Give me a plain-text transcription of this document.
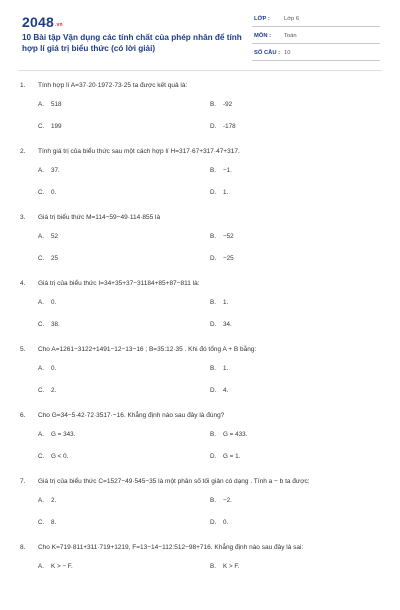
2048.vn
10 Bài tập Vận dụng các tính chất của phép nhân để tính hợp lí giá trị biểu thức (có lời giải)
LỚP : Lớp 6
MÔN : Toán
SỐ CÂU : 10
1. Tính hợp lí A=37·20·1972·73·25 ta được kết quả là:
A. 518	B. -92
C. 199	D. -178
2. Tính giá trị của biểu thức sau một cách hợp lí H=317·67+317·47+317.
A. 37.	B. −1.
C. 0.	D. 1.
3. Giá trị biểu thức M=114−59−49·114·855 là
A. 52	B. −52
C. 25	D. −25
4. Giá trị của biểu thức I=34+35+37−31184+85+87−811 là:
A. 0.	B. 1.
C. 38.	D. 34.
5. Cho A=1261−3122+1491−12−13−16 ; B=35:12·35 . Khi đó tổng A + B bằng:
A. 0.	B. 1.
C. 2.	D. 4.
6. Cho G=34−5·42·72·3517·−16. Khẳng định nào sau đây là đúng?
A. G = 343.	B. G = 433.
C. G < 0.	D. G = 1.
7. Giá trị của biểu thức C=1527−49·545−35 là một phân số tối giản có dạng . Tính a − b ta được:
A. 2.	B. −2.
C. 8.	D. 0.
8. Cho K=719·811+311·719+1219, F=13−14−112:512−98+716. Khẳng định nào sau đây là sai:
A. K > − F.	B. K > F.
